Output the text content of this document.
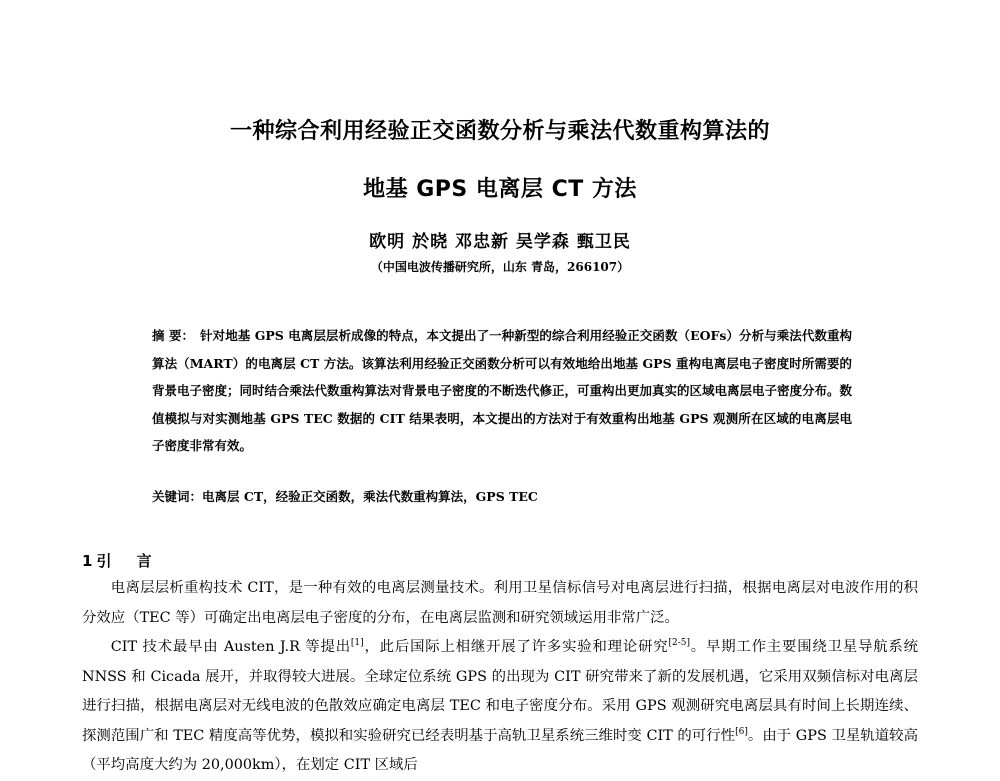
一种综合利用经验正交函数分析与乘法代数重构算法的
地基 GPS 电离层 CT 方法
欧明 於晓 邓忠新 吴学森 甄卫民
（中国电波传播研究所，山东 青岛，266107）
摘 要： 针对地基 GPS 电离层层析成像的特点，本文提出了一种新型的综合利用经验正交函数（EOFs）分析与乘法代数重构算法（MART）的电离层 CT 方法。该算法利用经验正交函数分析可以有效地给出地基 GPS 重构电离层电子密度时所需要的背景电子密度；同时结合乘法代数重构算法对背景电子密度的不断迭代修正，可重构出更加真实的区域电离层电子密度分布。数值模拟与对实测地基 GPS TEC 数据的 CIT 结果表明，本文提出的方法对于有效重构出地基 GPS 观测所在区域的电离层电子密度非常有效。
关键词：电离层 CT，经验正交函数，乘法代数重构算法，GPS TEC
1 引 言

电离层层析重构技术 CIT，是一种有效的电离层测量技术。利用卫星信标信号对电离层进行扫描，根据电离层对电波作用的积分效应（TEC 等）可确定出电离层电子密度的分布，在电离层监测和研究领域运用非常广泛。

CIT 技术最早由 Austen J.R 等提出[1]，此后国际上相继开展了许多实验和理论研究[2-5]。早期工作主要围绕卫星导航系统 NNSS 和 Cicada 展开，并取得较大进展。全球定位系统 GPS 的出现为 CIT 研究带来了新的发展机遇，它采用双频信标对电离层进行扫描，根据电离层对无线电波的色散效应确定电离层 TEC 和电子密度分布。采用 GPS 观测研究电离层具有时间上长期连续、探测范围广和 TEC 精度高等优势，模拟和实验研究已经表明基于高轨卫星系统三维时变 CIT 的可行性[6]。由于 GPS 卫星轨道较高（平均高度大约为 20,000km），在划定 CIT 区域后
